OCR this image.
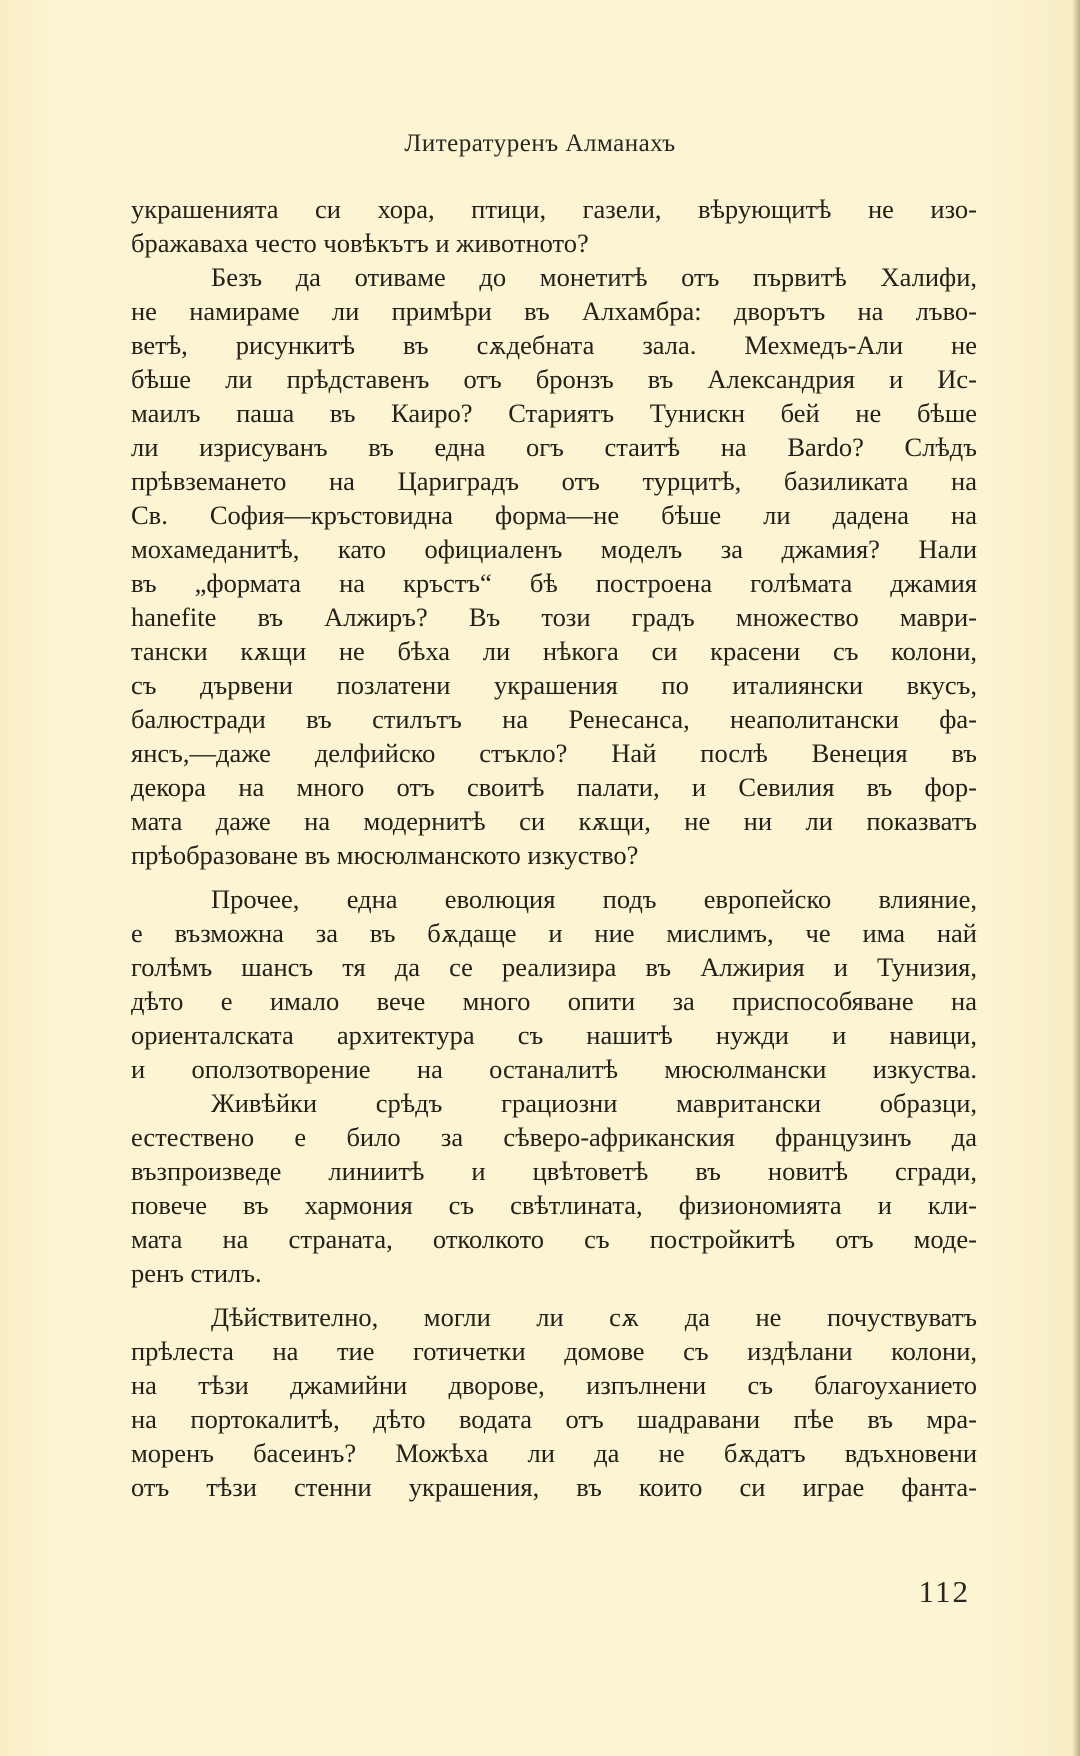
Литературенъ Алманахъ

украшенията си хора, птици, газели, вѣрующитѣ не изо-
бражаваха често човѣкътъ и животното?

Безъ да отиваме до монетитѣ отъ първитѣ Халифи,
не намираме ли примѣри въ Алхамбра: дворътъ на лъво-
ветѣ, рисункитѣ въ сѫдебната зала. Мехмедъ-Али не
бѣше ли прѣдставенъ отъ бронзъ въ Александрия и Ис-
маилъ паша въ Каиро? Стариятъ Тунискн бей не бѣше
ли изрисуванъ въ една огъ стаитѣ на Bardo? Слѣдъ
прѣвземането на Цариградъ отъ турцитѣ, базиликата на
Св. София—кръстовидна форма—не бѣше ли дадена на
мохамеданитѣ, като официаленъ моделъ за джамия? Нали
въ „формата на кръстъ“ бѣ построена голѣмата джамия
hanefite въ Алжиръ? Въ този градъ множество маври-
тански кѫщи не бѣха ли нѣкога си красени съ колони,
съ дървени позлатени украшения по италиянски вкусъ,
балюстради въ стилътъ на Ренесанса, неаполитански фа-
янсъ,—даже делфийско стъкло? Най послѣ Венеция въ
декора на много отъ своитѣ палати, и Севилия въ фор-
мата даже на модернитѣ си кѫщи, не ни ли показватъ
прѣобразоване въ мюсюлманското изкуство?

Прочее, една еволюция подъ европейско влияние,
е възможна за въ бѫдаще и ние мислимъ, че има най
голѣмъ шансъ тя да се реализира въ Алжирия и Тунизия,
дѣто е имало вече много опити за приспособяване на
ориенталската архитектура съ нашитѣ нужди и навици,
и оползотворение на останалитѣ мюсюлмански изкуства.

Живѣйки срѣдъ грациозни мавритански образци,
естествено е било за сѣверо-африканския французинъ да
възпроизведе линиитѣ и цвѣтоветѣ въ новитѣ сгради,
повече въ хармония съ свѣтлината, физиономията и кли-
мата на страната, отколкото съ постройкитѣ отъ моде-
ренъ стилъ.

Дѣйствително, могли ли сѫ да не почуствуватъ
прѣлеста на тие готичетки домове съ издѣлани колони,
на тѣзи джамийни дворове, изпълнени съ благоуханието
на портокалитѣ, дѣто водата отъ шадравани пѣе въ мра-
моренъ басеинъ? Можѣха ли да не бѫдатъ вдъхновени
отъ тѣзи стенни украшения, въ които си играе фанта-

112
